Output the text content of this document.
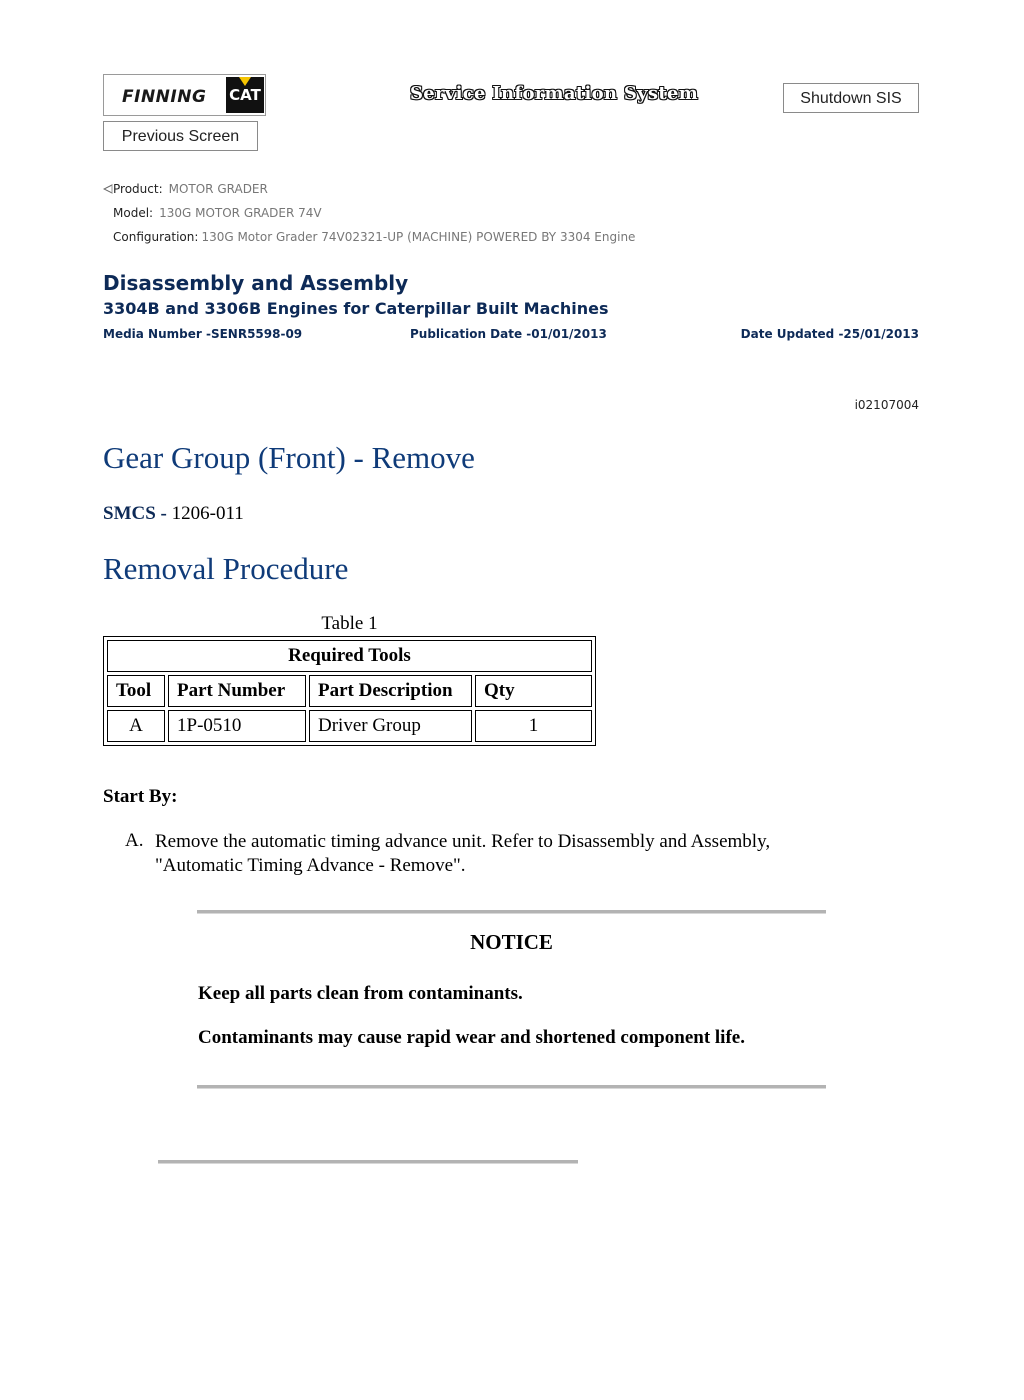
FINNING CAT	Service Information System	Shutdown SIS
Previous Screen
Product: MOTOR GRADER
Model: 130G MOTOR GRADER 74V
Configuration: 130G Motor Grader 74V02321-UP (MACHINE) POWERED BY 3304 Engine
Disassembly and Assembly
3304B and 3306B Engines for Caterpillar Built Machines
Media Number -SENR5598-09	Publication Date -01/01/2013	Date Updated -25/01/2013
i02107004
Gear Group (Front) - Remove
SMCS - 1206-011
Removal Procedure
Table 1
Required Tools			
Tool	Part Number	Part Description	Qty
A	1P-0510	Driver Group	1
Start By:
A. Remove the automatic timing advance unit. Refer to Disassembly and Assembly, "Automatic Timing Advance - Remove".
NOTICE
Keep all parts clean from contaminants.
Contaminants may cause rapid wear and shortened component life.
